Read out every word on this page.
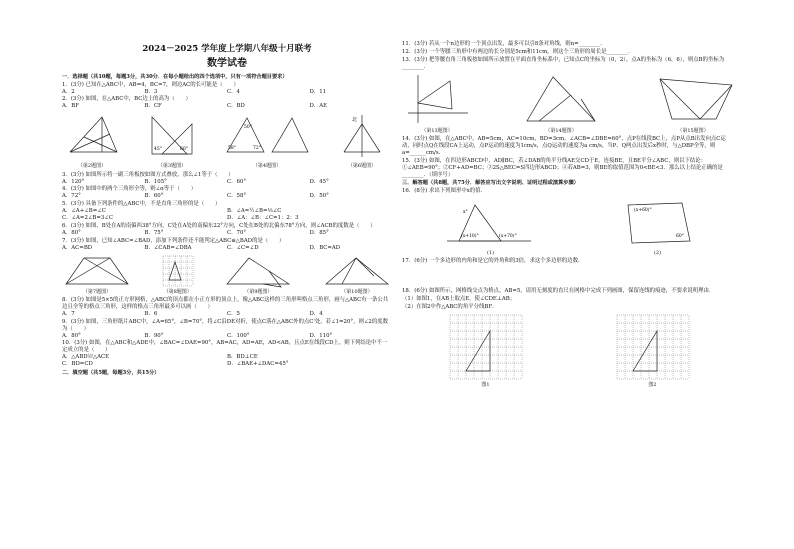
2024－2025 学年度上学期八年级十月联考
数学试卷
一．选择题（共10题，每题3分，共30分．在每小题给出的四个选项中，只有一项符合题目要求）
1．(3分) 已知在△ABC中，AB=4，BC=7，则边AC的长可能是（　　）
A．2	B．3	C．4	D．11
2．(3分) 如图，在△ABC中，BC边上的高为（　　）
A．BF	B．CF	C．BD	D．AE
（第2题图）
45°	60°
（第3题图）
50°
58°	72°
（第4题图）
北
（第6题图）
3．(3分) 如图所示将一副三角板按如图方式叠放，那么∠1等于（　　）
A．120°	B．105°	C．60°	D．45°
4．(3分) 如图中的两个三角形全等，则∠α等于（　　）
A．72°	B．60°	C．58°	D．50°
5．(3分) 具备下列条件的△ABC中，不是直角三角形的是（　　）
A．∠A+∠B=∠C	B．∠A=½∠B=⅓∠C
C．∠A=2∠B=3∠C	D．∠A：∠B：∠C=1：2：3
6．(3分) 如图，B处在A的南偏西38°方向，C处在A处的南偏东22°方向，C处在B处的北偏东78°方向，则∠ACB的度数是（　　）
A．80°	B．75°	C．70°	D．85°
7．(3分) 如图，已知∠ABC=∠BAD，添加下列条件还不能判定△ABC≌△BAD的是（　　）
A．AC=BD	B．∠CAB=∠DBA	C．∠C=∠D	D．BC=AD
（第7题图）	（第8题图）	（第9题图）	（第10题图）
8．(3分) 如图是5×5的正方形网格，△ABC的顶点都在小正方形的顶点上，像△ABC这样的三角形叫格点三角形，画与△ABC有一条公共边且全等的格点三角形，这样的格点三角形最多可以画（　　）
A．7	B．6	C．5	D．4
9．(3分) 如图，三角形纸片ABC中，∠A=65°，∠B=70°，将∠C沿DE对折，使点C落在△ABC外的点C'处，若∠1=20°，则∠2的度数为（　　）
A．80°	B．90°	C．100°	D．110°
10．(3分) 如图，在△ABC和△ADE中，∠BAC=∠DAE=90°，AB=AC，AD=AE，AD<AB，且点E在线段CD上，则下列结论中不一定成立的是（　　）
A．△ABD≌△ACE	B．BD⊥CE
C．BD=CD	D．∠BAE+∠DAC=45°
二．填空题（共5题，每题3分，共15分）
11．(3分) 若从一个n边形的一个顶点出发，最多可以引8条对角线，则n=________．
12．(3分) 一个等腰三角形中有两边的长分别是5cm和11cm，则这个三角形的周长是________．
13．(3分) 把等腰直角三角板按如图所示放置在平面直角坐标系中，已知点C的坐标为（0，2），点A的坐标为（6，6），则点B的坐标为________．
（第13题图）	（第14题图）	（第15题图）
14．(3分) 如图，在△ABC中，AB=5cm，AC=10cm，BD=3cm，∠ACB=∠DBE=60°，点P在线段BC上，点P从点B出发向点C运动，同时点Q在线段CA上运动，点P运动的速度为1cm/s，点Q运动的速度为a cm/s，当P、Q两点出发后x秒时，与△DBP全等，则a=______cm/s．
15．(3分) 如图，在四边形ABCD中，AD∥BC，若∠DAB的角平分线AE交CD于E，连接BE，且BE平分∠ABC，则以下结论：①∠AEB=90°；②CF+AD=BC；③2S△BEC=S四边形ABCD；④若AB=3，则BE的取值范围为0<BE<3．那么以上结论正确的是________．（填序号）
三．解答题（共8题，共75分．解答应写出文字说明、证明过程或演算步骤）
16．(8分) 求出下列图形中x的值．
x°
(x+10)°	(x+70)°
(1)
(x+60)°
60°
(2)
17．(6分) 一个多边形的内角和是它的外角和的3倍，求这个多边形的边数．
18．(6分) 如图所示，网格线交点为格点，AB=5，请用无刻度的直尺在网格中完成下列画图，保留连线的痕迹，不要求说明理由．
（1）如图1，在AB上取点E，使∠CDE⊥AB；
（2）在图2中作△ABC的角平分线BF．
图1	图2
